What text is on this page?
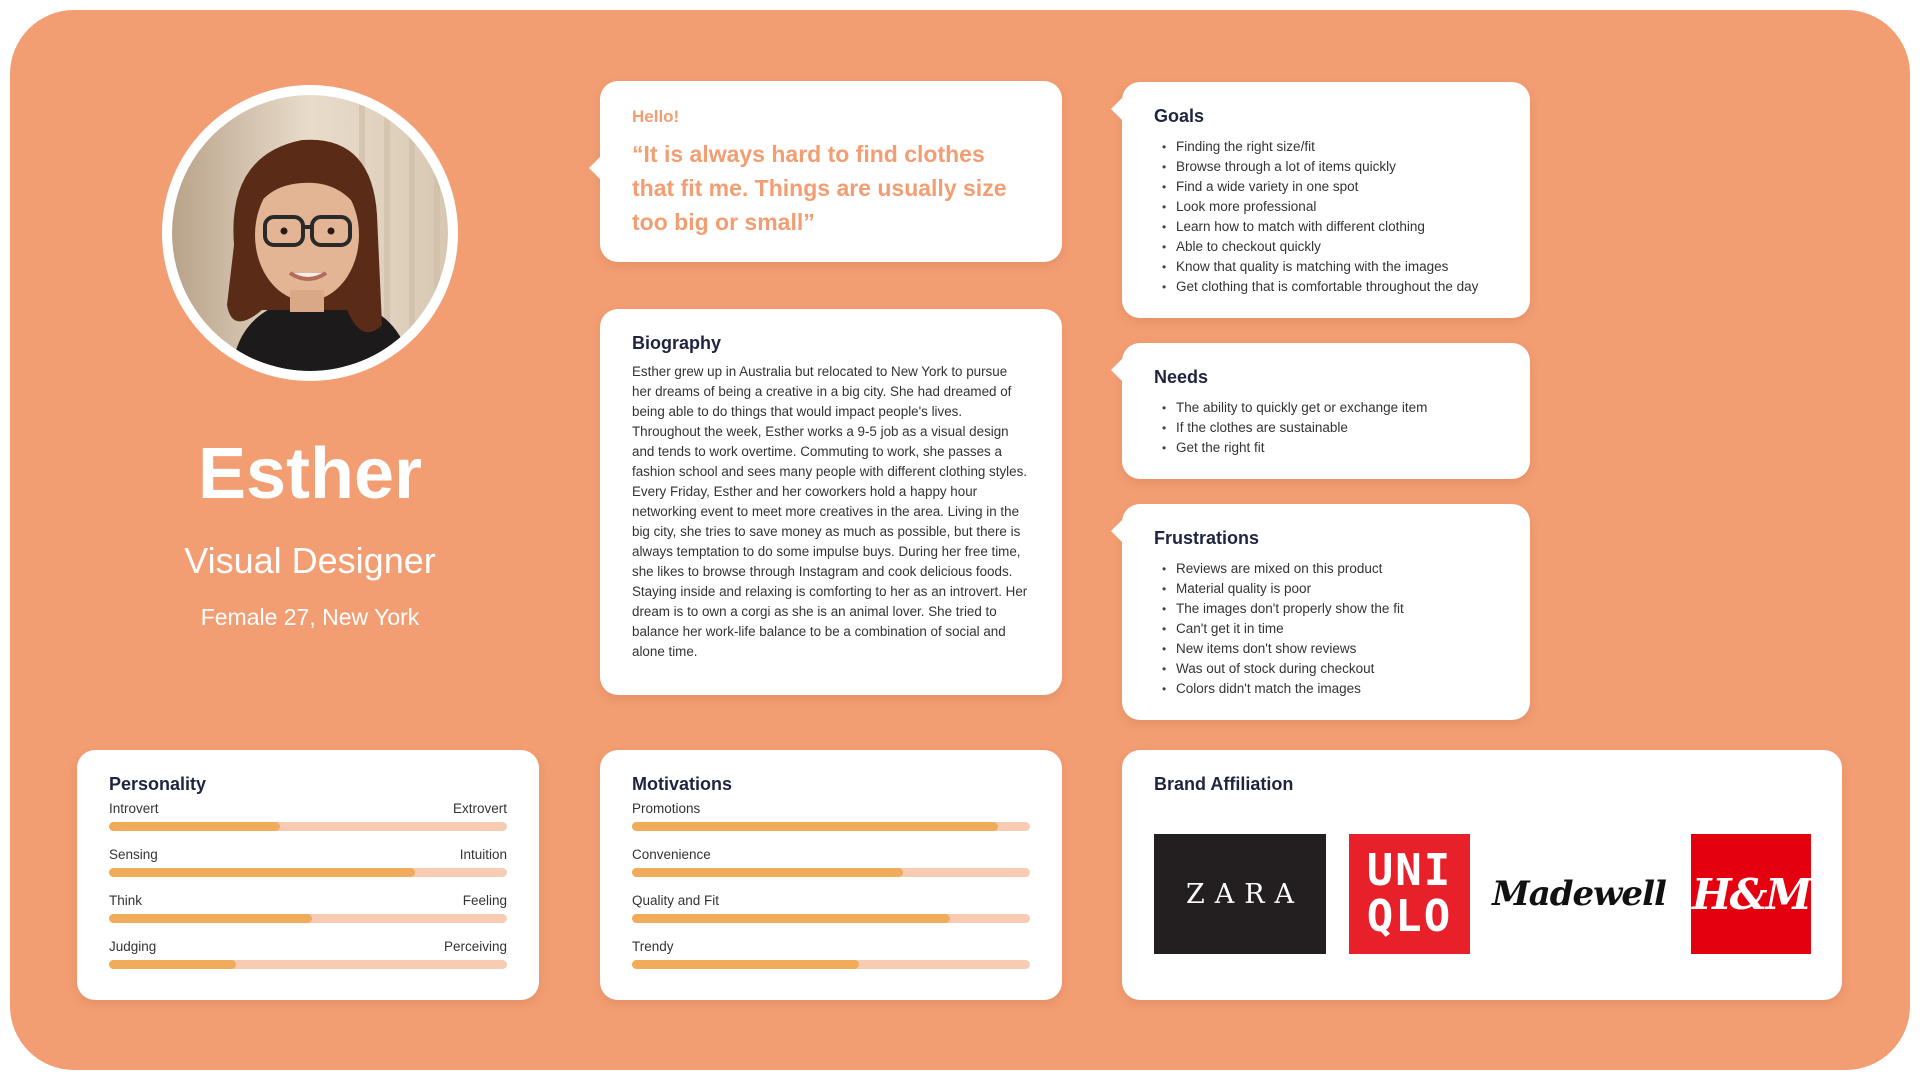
Esther
Visual Designer
Female 27, New York
Hello!
“It is always hard to find clothes that fit me. Things are usually size too big or small”
Biography
Esther grew up in Australia but relocated to New York to pursue her dreams of being a creative in a big city. She had dreamed of being able to do things that would impact people's lives. Throughout the week, Esther works a 9-5 job as a visual design and tends to work overtime. Commuting to work, she passes a fashion school and sees many people with different clothing styles. Every Friday, Esther and her coworkers hold a happy hour networking event to meet more creatives in the area. Living in the big city, she tries to save money as much as possible, but there is always temptation to do some impulse buys. During her free time, she likes to browse through Instagram and cook delicious foods. Staying inside and relaxing is comforting to her as an introvert. Her dream is to own a corgi as she is an animal lover. She tried to balance her work-life balance to be a combination of social and alone time.
Goals
• Finding the right size/fit
• Browse through a lot of items quickly
• Find a wide variety in one spot
• Look more professional
• Learn how to match with different clothing
• Able to checkout quickly
• Know that quality is matching with the images
• Get clothing that is comfortable throughout the day
Needs
• The ability to quickly get or exchange item
• If the clothes are sustainable
• Get the right fit
Frustrations
• Reviews are mixed on this product
• Material quality is poor
• The images don't properly show the fit
• Can't get it in time
• New items don't show reviews
• Was out of stock during checkout
• Colors didn't match the images
Personality
Introvert	Extrovert
Sensing	Intuition
Think	Feeling
Judging	Perceiving
Motivations
Promotions
Convenience
Quality and Fit
Trendy
Brand Affiliation
ZARA UNI
QLO Madewell H&M
